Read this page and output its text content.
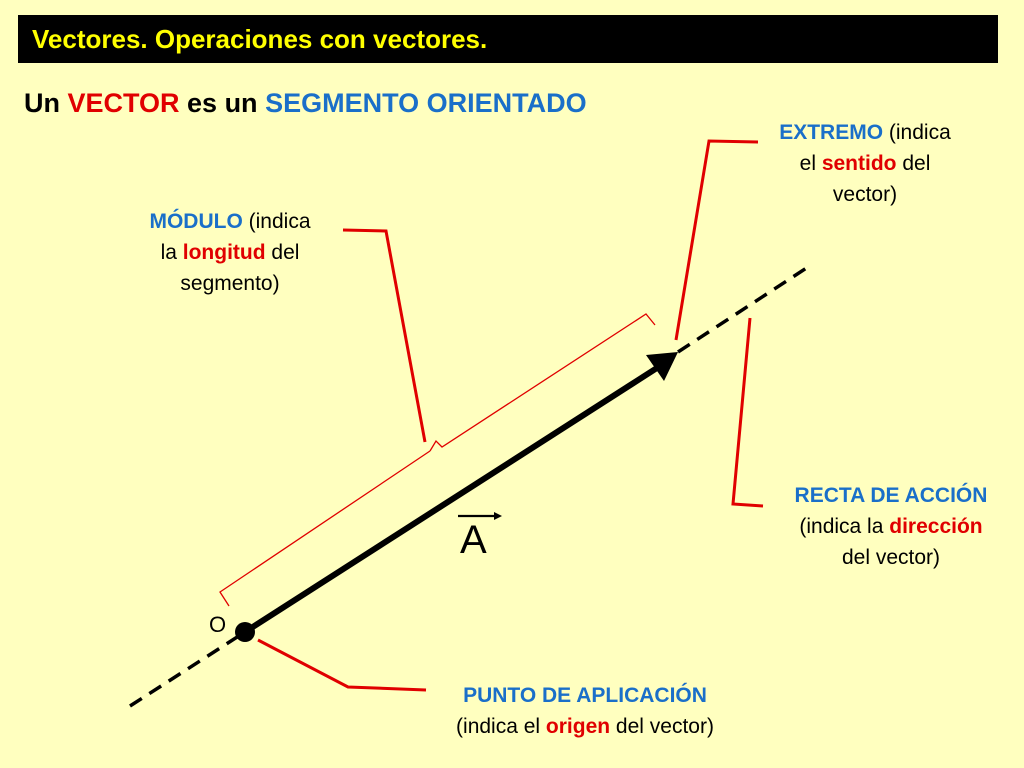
Vectores. Operaciones con vectores.
Un VECTOR es un SEGMENTO ORIENTADO
A
O
EXTREMO (indica
el sentido del
vector)
MÓDULO (indica
la longitud del
segmento)
RECTA DE ACCIÓN
(indica la dirección
del vector)
PUNTO DE APLICACIÓN
(indica el origen del vector)
